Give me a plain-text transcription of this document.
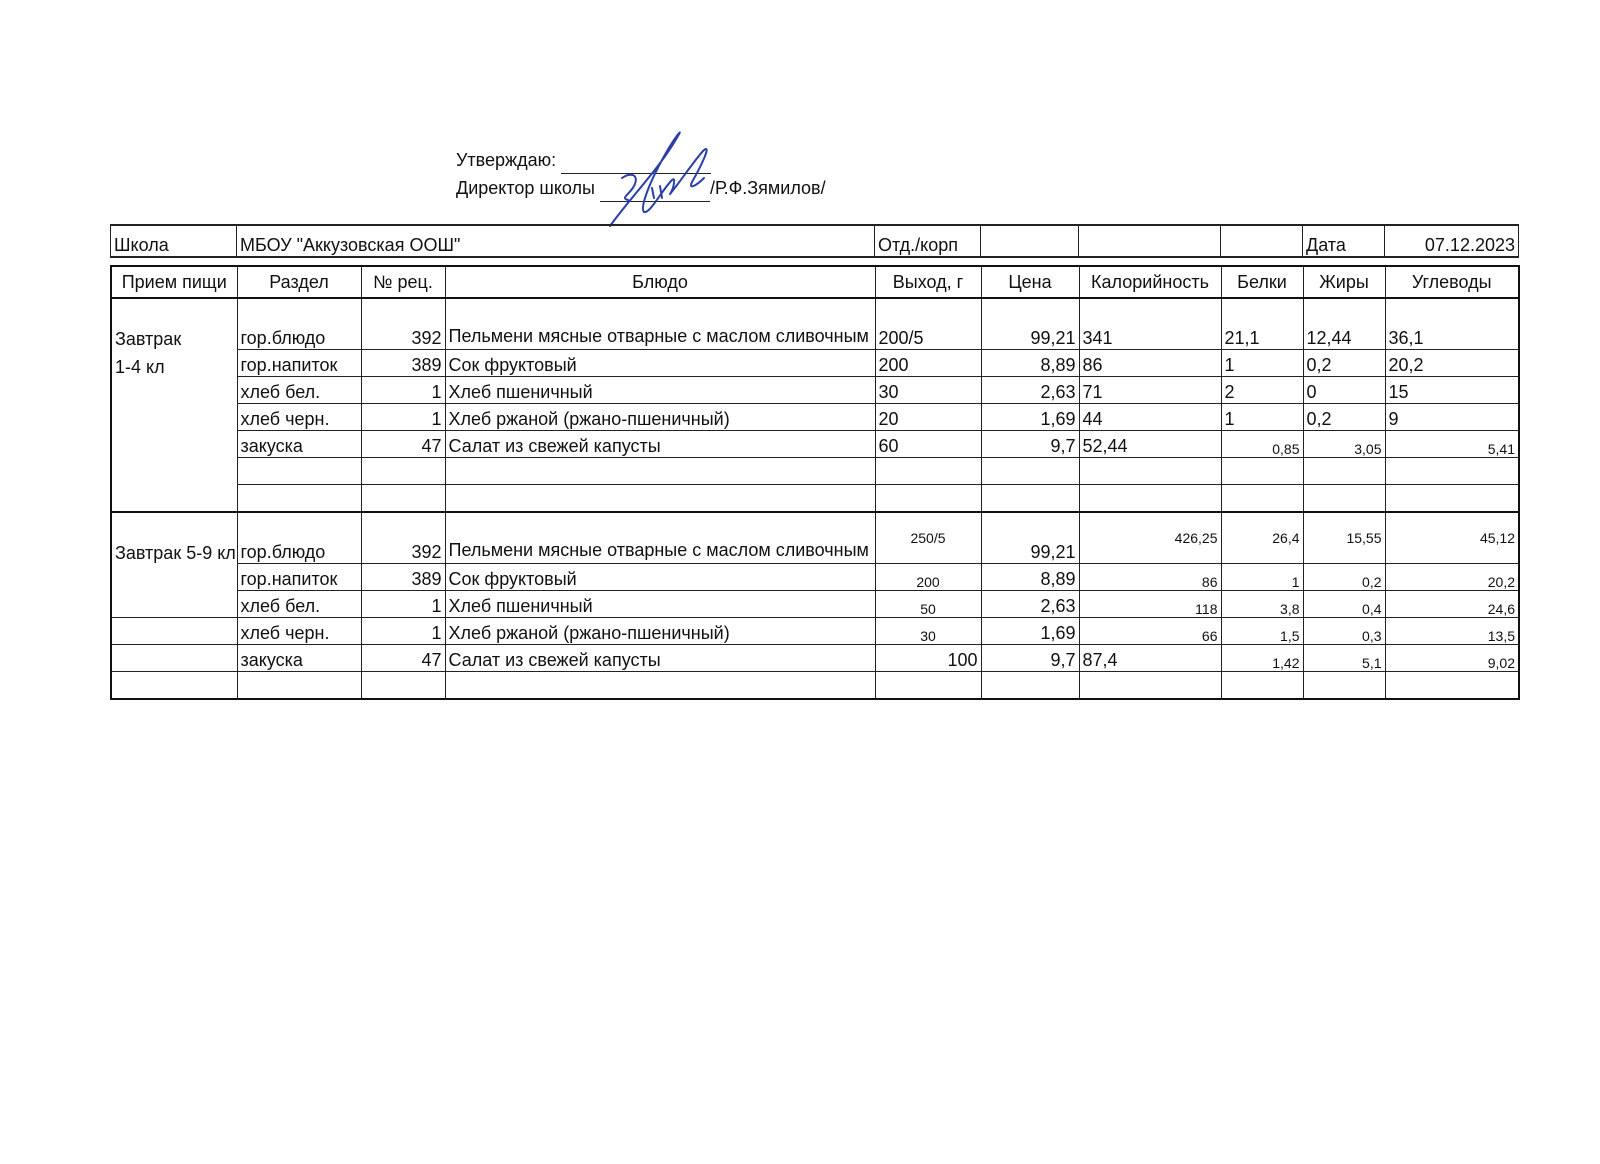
Утверждаю:
Директор школы	/Р.Ф.Зямилов/
Школа	МБОУ "Аккузовская ООШ"	Отд./корп				Дата	07.12.2023
Прием пищи	Раздел	№ рец.	Блюдо	Выход, г	Цена	Калорийность	Белки	Жиры	Углеводы
Завтрак
1-4 кл	гор.блюдо	392	Пельмени мясные отварные с маслом сливочным	200/5	99,21	341	21,1	12,44	36,1
	гор.напиток	389	Сок фруктовый	200	8,89	86	1	0,2	20,2
	хлеб бел.	1	Хлеб пшеничный	30	2,63	71	2	0	15
	хлеб черн.	1	Хлеб ржаной (ржано-пшеничный)	20	1,69	44	1	0,2	9
	закуска	47	Салат из свежей капусты	60	9,7	52,44	0,85	3,05	5,41

Завтрак 5-9 кл	гор.блюдо	392	Пельмени мясные отварные с маслом сливочным	250/5	99,21	426,25	26,4	15,55	45,12
	гор.напиток	389	Сок фруктовый	200	8,89	86	1	0,2	20,2
	хлеб бел.	1	Хлеб пшеничный	50	2,63	118	3,8	0,4	24,6
	хлеб черн.	1	Хлеб ржаной (ржано-пшеничный)	30	1,69	66	1,5	0,3	13,5
	закуска	47	Салат из свежей капусты	100	9,7	87,4	1,42	5,1	9,02
